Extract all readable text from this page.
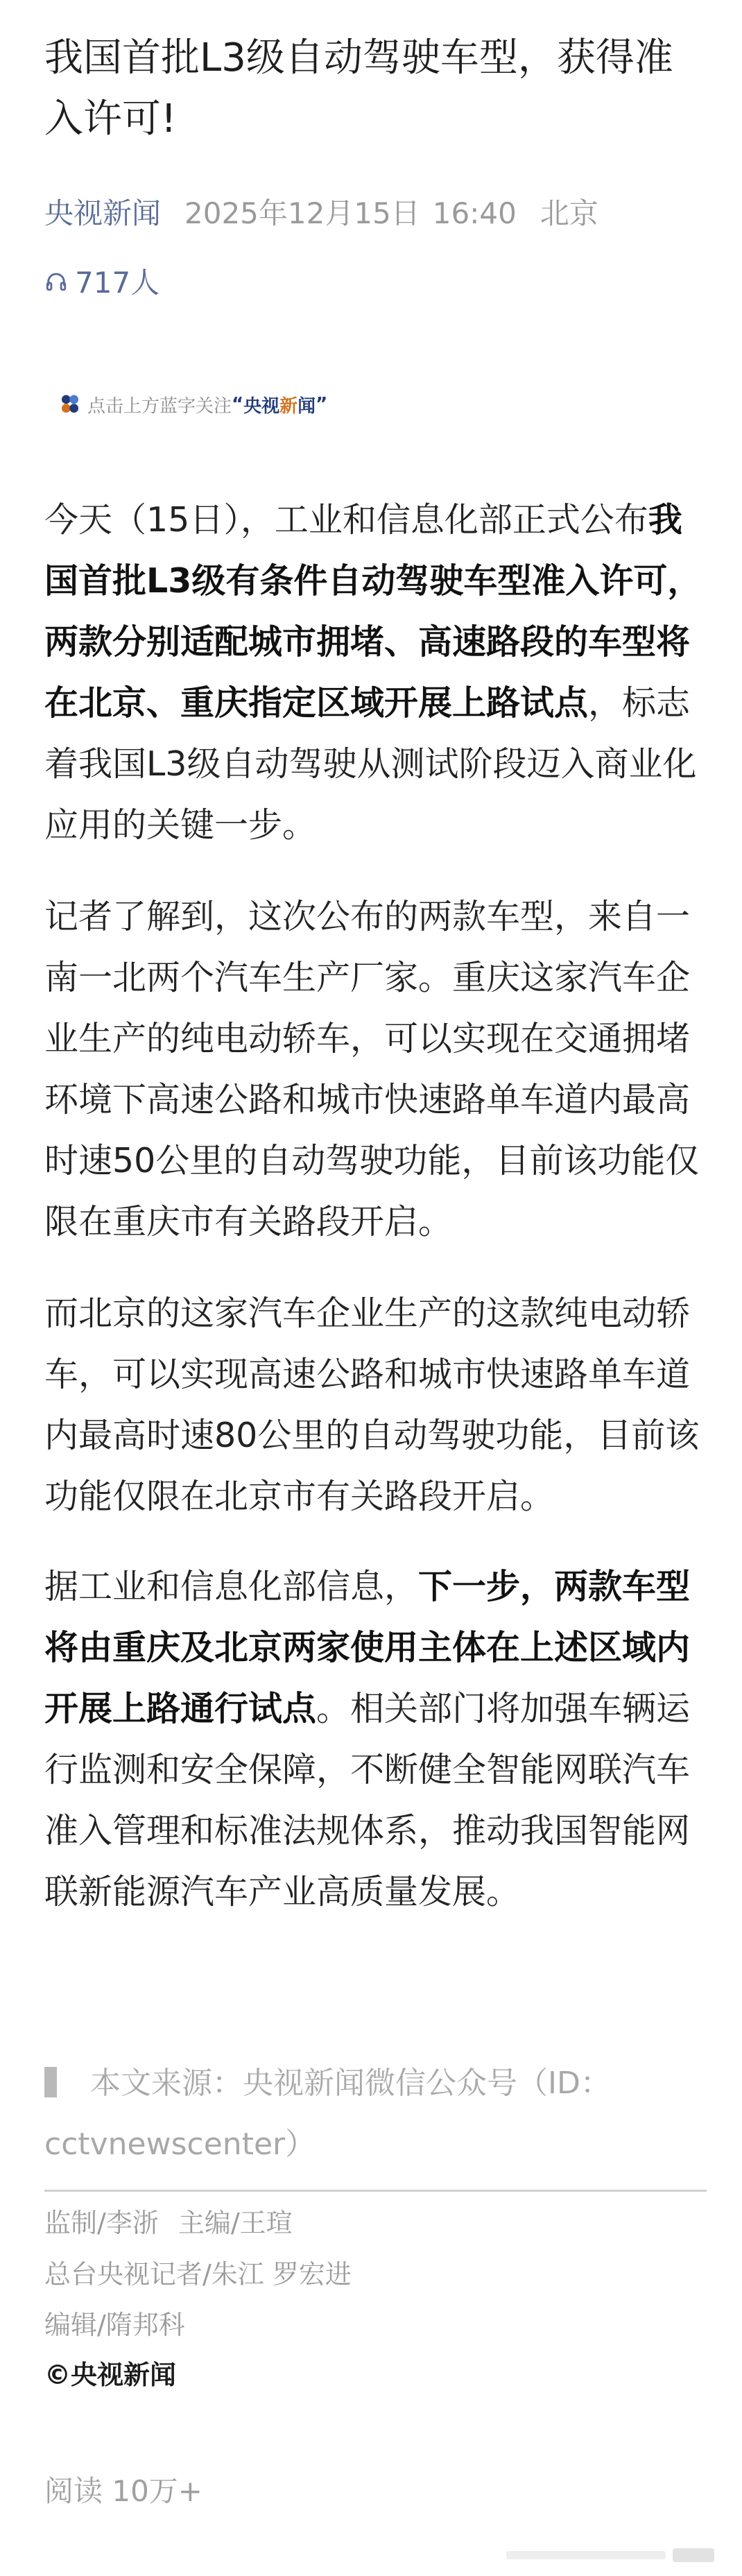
我国首批L3级自动驾驶车型，获得准入许可!
央视新闻 2025年12月15日 16:40 北京
717人
点击上方蓝字关注 “ 央视 新 闻 ”

今天（15日），工业和信息化部正式公布我国首批L3级有条件自动驾驶车型准入许可，两款分别适配城市拥堵、高速路段的车型将在北京、重庆指定区域开展上路试点，标志着我国L3级自动驾驶从测试阶段迈入商业化应用的关键一步。

记者了解到，这次公布的两款车型，来自一南一北两个汽车生产厂家。重庆这家汽车企业生产的纯电动轿车，可以实现在交通拥堵环境下高速公路和城市快速路单车道内最高时速50公里的自动驾驶功能，目前该功能仅限在重庆市有关路段开启。

而北京的这家汽车企业生产的这款纯电动轿车，可以实现高速公路和城市快速路单车道内最高时速80公里的自动驾驶功能，目前该功能仅限在北京市有关路段开启。

据工业和信息化部信息，下一步，两款车型将由重庆及北京两家使用主体在上述区域内开展上路通行试点。相关部门将加强车辆运行监测和安全保障，不断健全智能网联汽车准入管理和标准法规体系，推动我国智能网联新能源汽车产业高质量发展。

本文来源：央视新闻微信公众号（ID：cctvnewscenter）

监制/李浙 主编/王瑄
总台央视记者/朱江 罗宏进
编辑/隋邦科
©央视新闻
阅读 10万+
